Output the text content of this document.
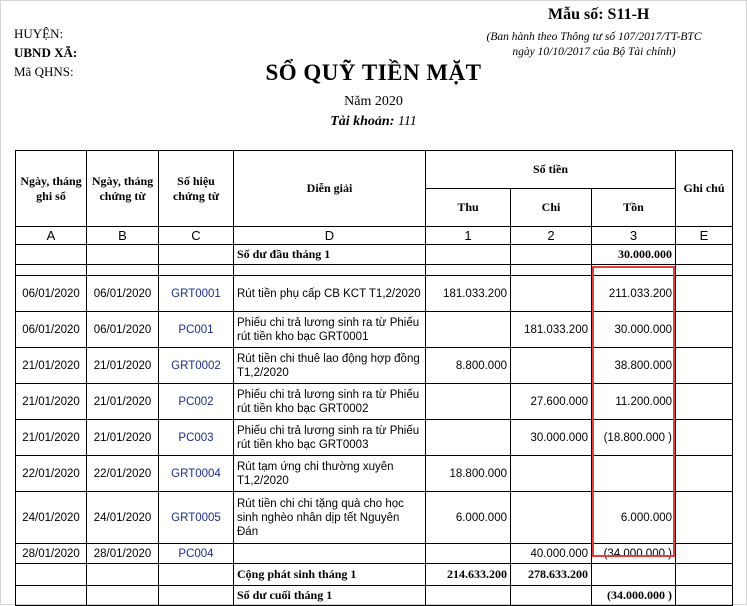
HUYỆN:
UBND XÃ:
Mã QHNS:
Mẫu số: S11-H
(Ban hành theo Thông tư số 107/2017/TT-BTC
ngày 10/10/2017 của Bộ Tài chính)
SỔ QUỸ TIỀN MẶT
Năm 2020
Tài khoản: 111
Ngày, tháng ghi sổ	Ngày, tháng chứng từ	Số hiệu chứng từ	Diễn giải	Số tiền			Ghi chú
				Thu	Chi	Tồn	
A	B	C	D	1	2	3	E
			Số dư đầu tháng 1			30.000.000	

06/01/2020	06/01/2020	GRT0001	Rút tiền phụ cấp CB KCT T1,2/2020	181.033.200		211.033.200	
06/01/2020	06/01/2020	PC001	Phiếu chi trả lương sinh ra từ Phiếu rút tiền kho bạc GRT0001		181.033.200	30.000.000	
21/01/2020	21/01/2020	GRT0002	Rút tiền chi thuê lao động hợp đồng T1,2/2020	8.800.000		38.800.000	
21/01/2020	21/01/2020	PC002	Phiếu chi trả lương sinh ra từ Phiếu rút tiền kho bạc GRT0002		27.600.000	11.200.000	
21/01/2020	21/01/2020	PC003	Phiếu chi trả lương sinh ra từ Phiếu rút tiền kho bạc GRT0003		30.000.000	(18.800.000 )	
22/01/2020	22/01/2020	GRT0004	Rút tạm ứng chi thường xuyên T1,2/2020	18.800.000			
24/01/2020	24/01/2020	GRT0005	Rút tiền chi chi tặng quà cho học sinh nghèo nhân dịp tết Nguyên Đán	6.000.000		6.000.000	
28/01/2020	28/01/2020	PC004			40.000.000	(34.000.000 )	
			Cộng phát sinh tháng 1	214.633.200	278.633.200		
			Số dư cuối tháng 1			(34.000.000 )	
